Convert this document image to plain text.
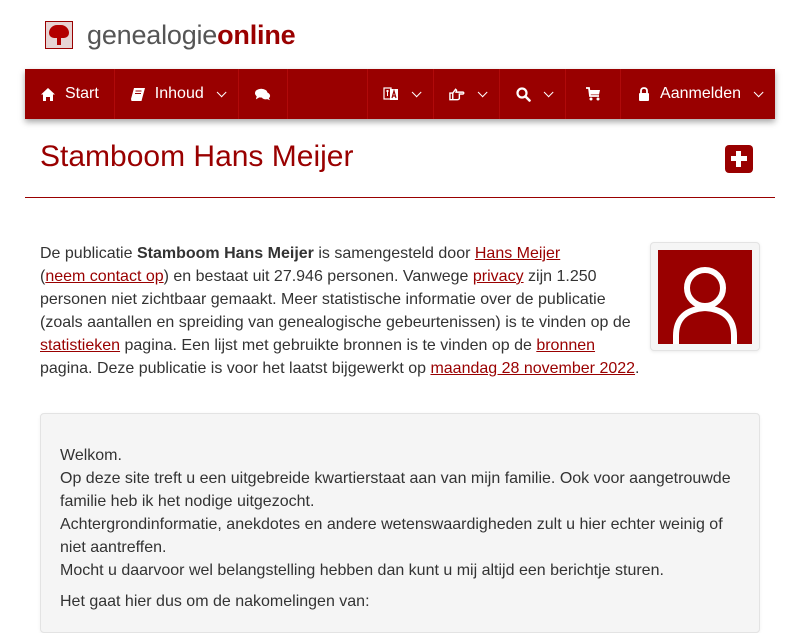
genealogieonline
Start	Inhoud	Aanmelden
Stamboom Hans Meijer
De publicatie Stamboom Hans Meijer is samengesteld door Hans Meijer
(neem contact op) en bestaat uit 27.946 personen. Vanwege privacy zijn 1.250 personen niet zichtbaar gemaakt. Meer statistische informatie over de publicatie (zoals aantallen en spreiding van genealogische gebeurtenissen) is te vinden op de statistieken pagina. Een lijst met gebruikte bronnen is te vinden op de bronnen pagina. Deze publicatie is voor het laatst bijgewerkt op maandag 28 november 2022.

Welkom.

Op deze site treft u een uitgebreide kwartierstaat aan van mijn familie. Ook voor aangetrouwde familie heb ik het nodige uitgezocht.

Achtergrondinformatie, anekdotes en andere wetenswaardigheden zult u hier echter weinig of niet aantreffen.

Mocht u daarvoor wel belangstelling hebben dan kunt u mij altijd een berichtje sturen.

Het gaat hier dus om de nakomelingen van:
